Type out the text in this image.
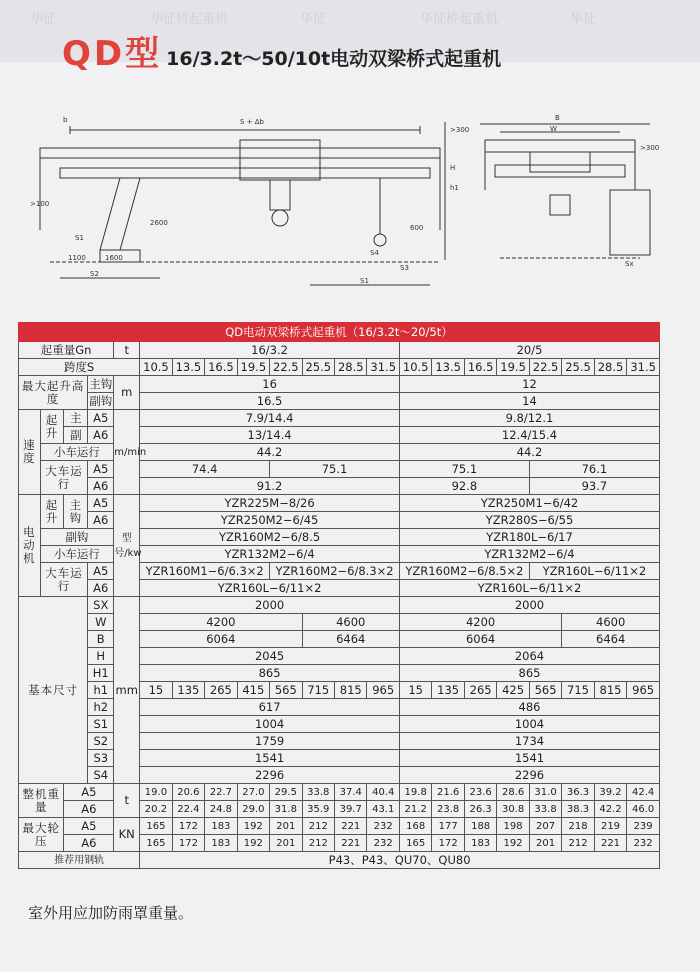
华征	华征桥起重机	华征	华征桥起重机	华征
QD型 16/3.2t～50/10t电动双梁桥式起重机
b	S + Δb
>300
H
h1
>100
2600
600
1100	1600
S1
S2
S1
S4
S3
B
W
Sx
>300
QD电动双梁桥式起重机（16/3.2t～20/5t）																				
起重量Gn				t	16/3.2								20/5							
跨度S					10.5	13.5	16.5	19.5	22.5	25.5	28.5	31.5	10.5	13.5	16.5	19.5	22.5	25.5	28.5	31.5
最大起升高度			主钩	m	16								12							
			副钩		16.5								14							
速度	起升	主	A5	m/min	7.9/14.4								9.8/12.1							
		副	A6		13/14.4								12.4/15.4							
	小车运行				44.2								44.2							
	大车运行		A5		74.4				75.1				75.1				76.1			
			A6		91.2								92.8				93.7			
电动机	起升	主钩	A5	型号/kw	YZR225M−8/26								YZR250M1−6/42							
			A6		YZR250M2−6/45								YZR280S−6/55							
	副钩				YZR160M2−6/8.5								YZR180L−6/17							
	小车运行				YZR132M2−6/4								YZR132M2−6/4							
	大车运行		A5		YZR160M1−6/6.3×2				YZR160M2−6/8.3×2				YZR160M2−6/8.5×2				YZR160L−6/11×2			
			A6		YZR160L−6/11×2								YZR160L−6/11×2							
基本尺寸			SX	mm	2000								2000							
			W		4200					4600			4200					4600		
			B		6064					6464			6064					6464		
			H		2045								2064							
			H1		865								865							
			h1		15	135	265	415	565	715	815	965	15	135	265	425	565	715	815	965
			h2		617								486							
			S1		1004								1004							
			S2		1759								1734							
			S3		1541								1541							
			S4		2296								2296							
整机重量		A5		t	19.0	20.6	22.7	27.0	29.5	33.8	37.4	40.4	19.8	21.6	23.6	28.6	31.0	36.3	39.2	42.4
		A6			20.2	22.4	24.8	29.0	31.8	35.9	39.7	43.1	21.2	23.8	26.3	30.8	33.8	38.3	42.2	46.0
最大轮压		A5		KN	165	172	183	192	201	212	221	232	168	177	188	198	207	218	219	239
		A6			165	172	183	192	201	212	221	232	165	172	183	192	201	212	221	232
推荐用钢轨					P43、P43、QU70、QU80															
室外用应加防雨罩重量。
